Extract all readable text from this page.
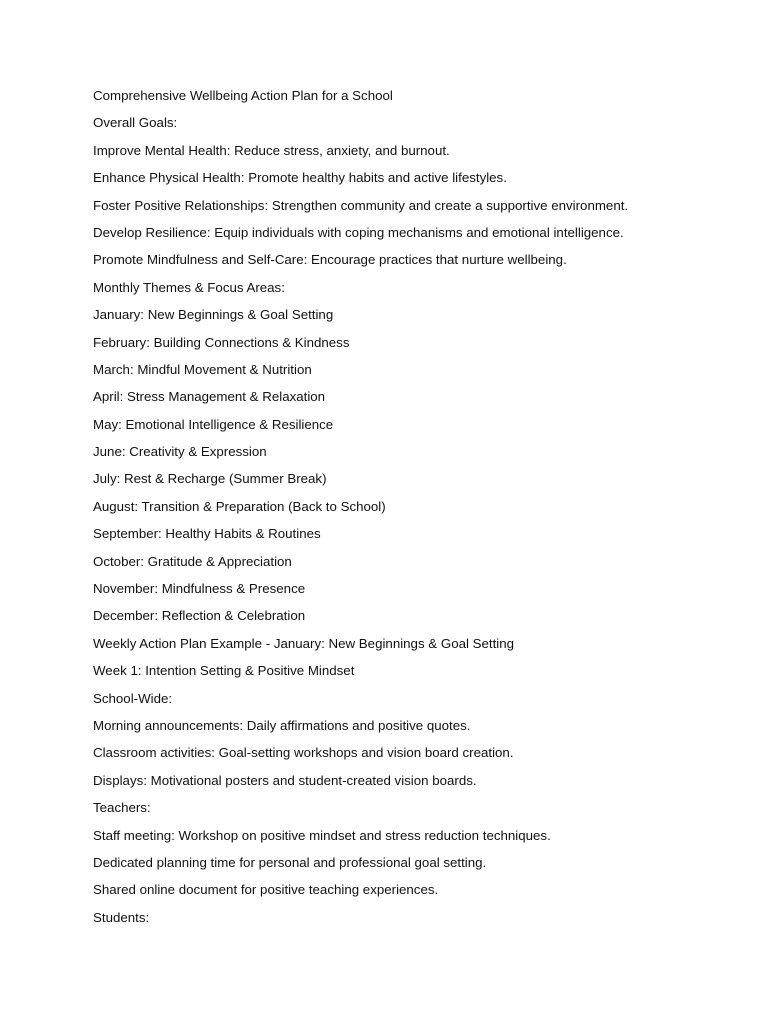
Comprehensive Wellbeing Action Plan for a School
Overall Goals:
Improve Mental Health: Reduce stress, anxiety, and burnout.
Enhance Physical Health: Promote healthy habits and active lifestyles.
Foster Positive Relationships: Strengthen community and create a supportive environment.
Develop Resilience: Equip individuals with coping mechanisms and emotional intelligence.
Promote Mindfulness and Self-Care: Encourage practices that nurture wellbeing.
Monthly Themes & Focus Areas:
January: New Beginnings & Goal Setting
February: Building Connections & Kindness
March: Mindful Movement & Nutrition
April: Stress Management & Relaxation
May: Emotional Intelligence & Resilience
June: Creativity & Expression
July: Rest & Recharge (Summer Break)
August: Transition & Preparation (Back to School)
September: Healthy Habits & Routines
October: Gratitude & Appreciation
November: Mindfulness & Presence
December: Reflection & Celebration
Weekly Action Plan Example - January: New Beginnings & Goal Setting
Week 1: Intention Setting & Positive Mindset
School-Wide:
Morning announcements: Daily affirmations and positive quotes.
Classroom activities: Goal-setting workshops and vision board creation.
Displays: Motivational posters and student-created vision boards.
Teachers:
Staff meeting: Workshop on positive mindset and stress reduction techniques.
Dedicated planning time for personal and professional goal setting.
Shared online document for positive teaching experiences.
Students:
